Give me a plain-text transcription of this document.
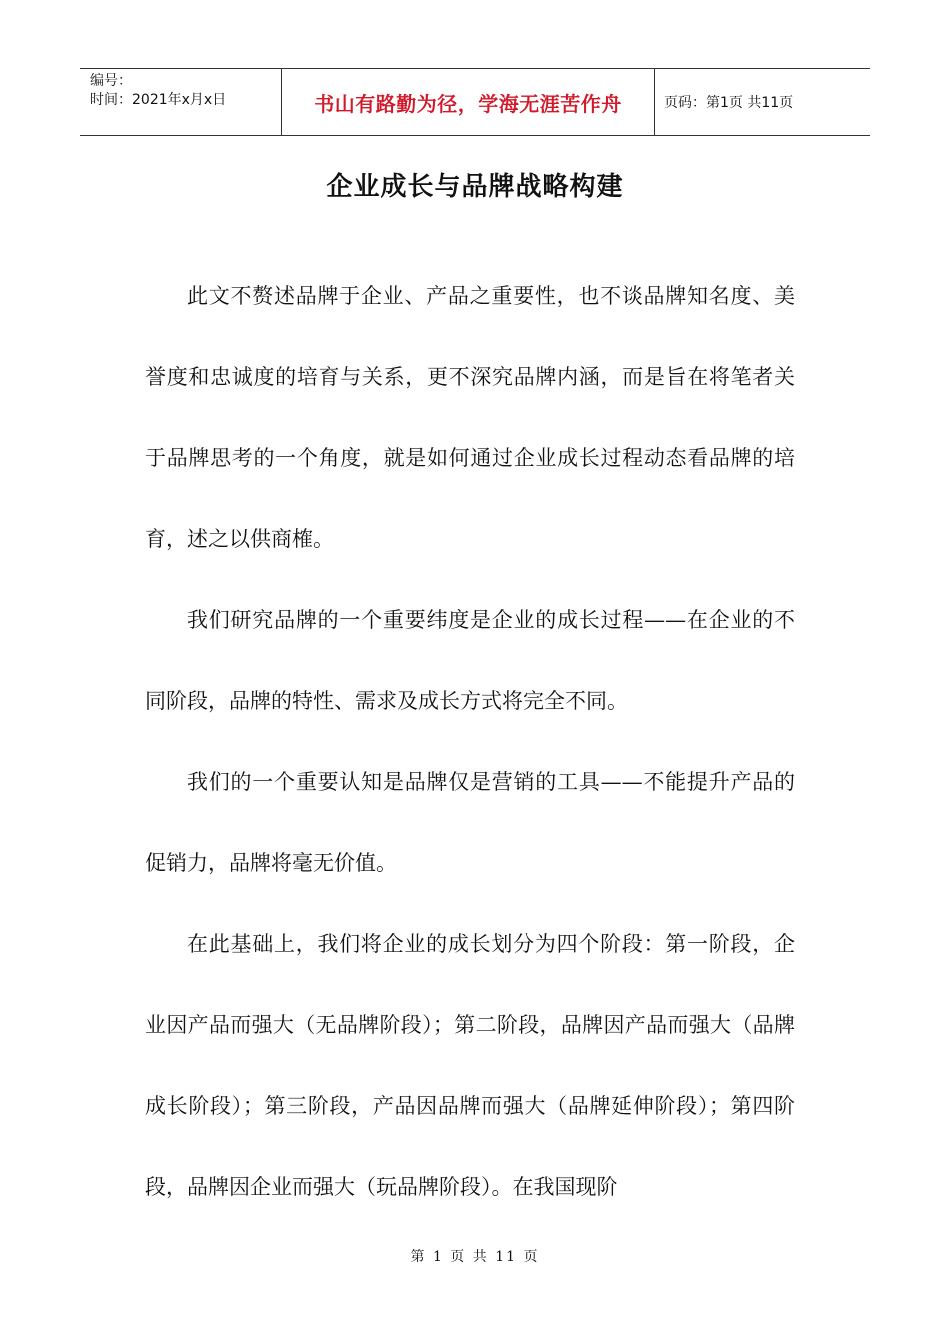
编号：
时间：2021年x月x日	书山有路勤为径，学海无涯苦作舟	页码：第1页 共11页
企业成长与品牌战略构建

此文不赘述品牌于企业、产品之重要性，也不谈品牌知名度、美誉度和忠诚度的培育与关系，更不深究品牌内涵，而是旨在将笔者关于品牌思考的一个角度，就是如何通过企业成长过程动态看品牌的培育，述之以供商榷。

我们研究品牌的一个重要纬度是企业的成长过程——在企业的不同阶段，品牌的特性、需求及成长方式将完全不同。

我们的一个重要认知是品牌仅是营销的工具——不能提升产品的促销力，品牌将毫无价值。

在此基础上，我们将企业的成长划分为四个阶段：第一阶段，企业因产品而强大（无品牌阶段）；第二阶段，品牌因产品而强大（品牌成长阶段）；第三阶段，产品因品牌而强大（品牌延伸阶段）；第四阶段，品牌因企业而强大（玩品牌阶段）。在我国现阶

第 1 页 共 11 页
